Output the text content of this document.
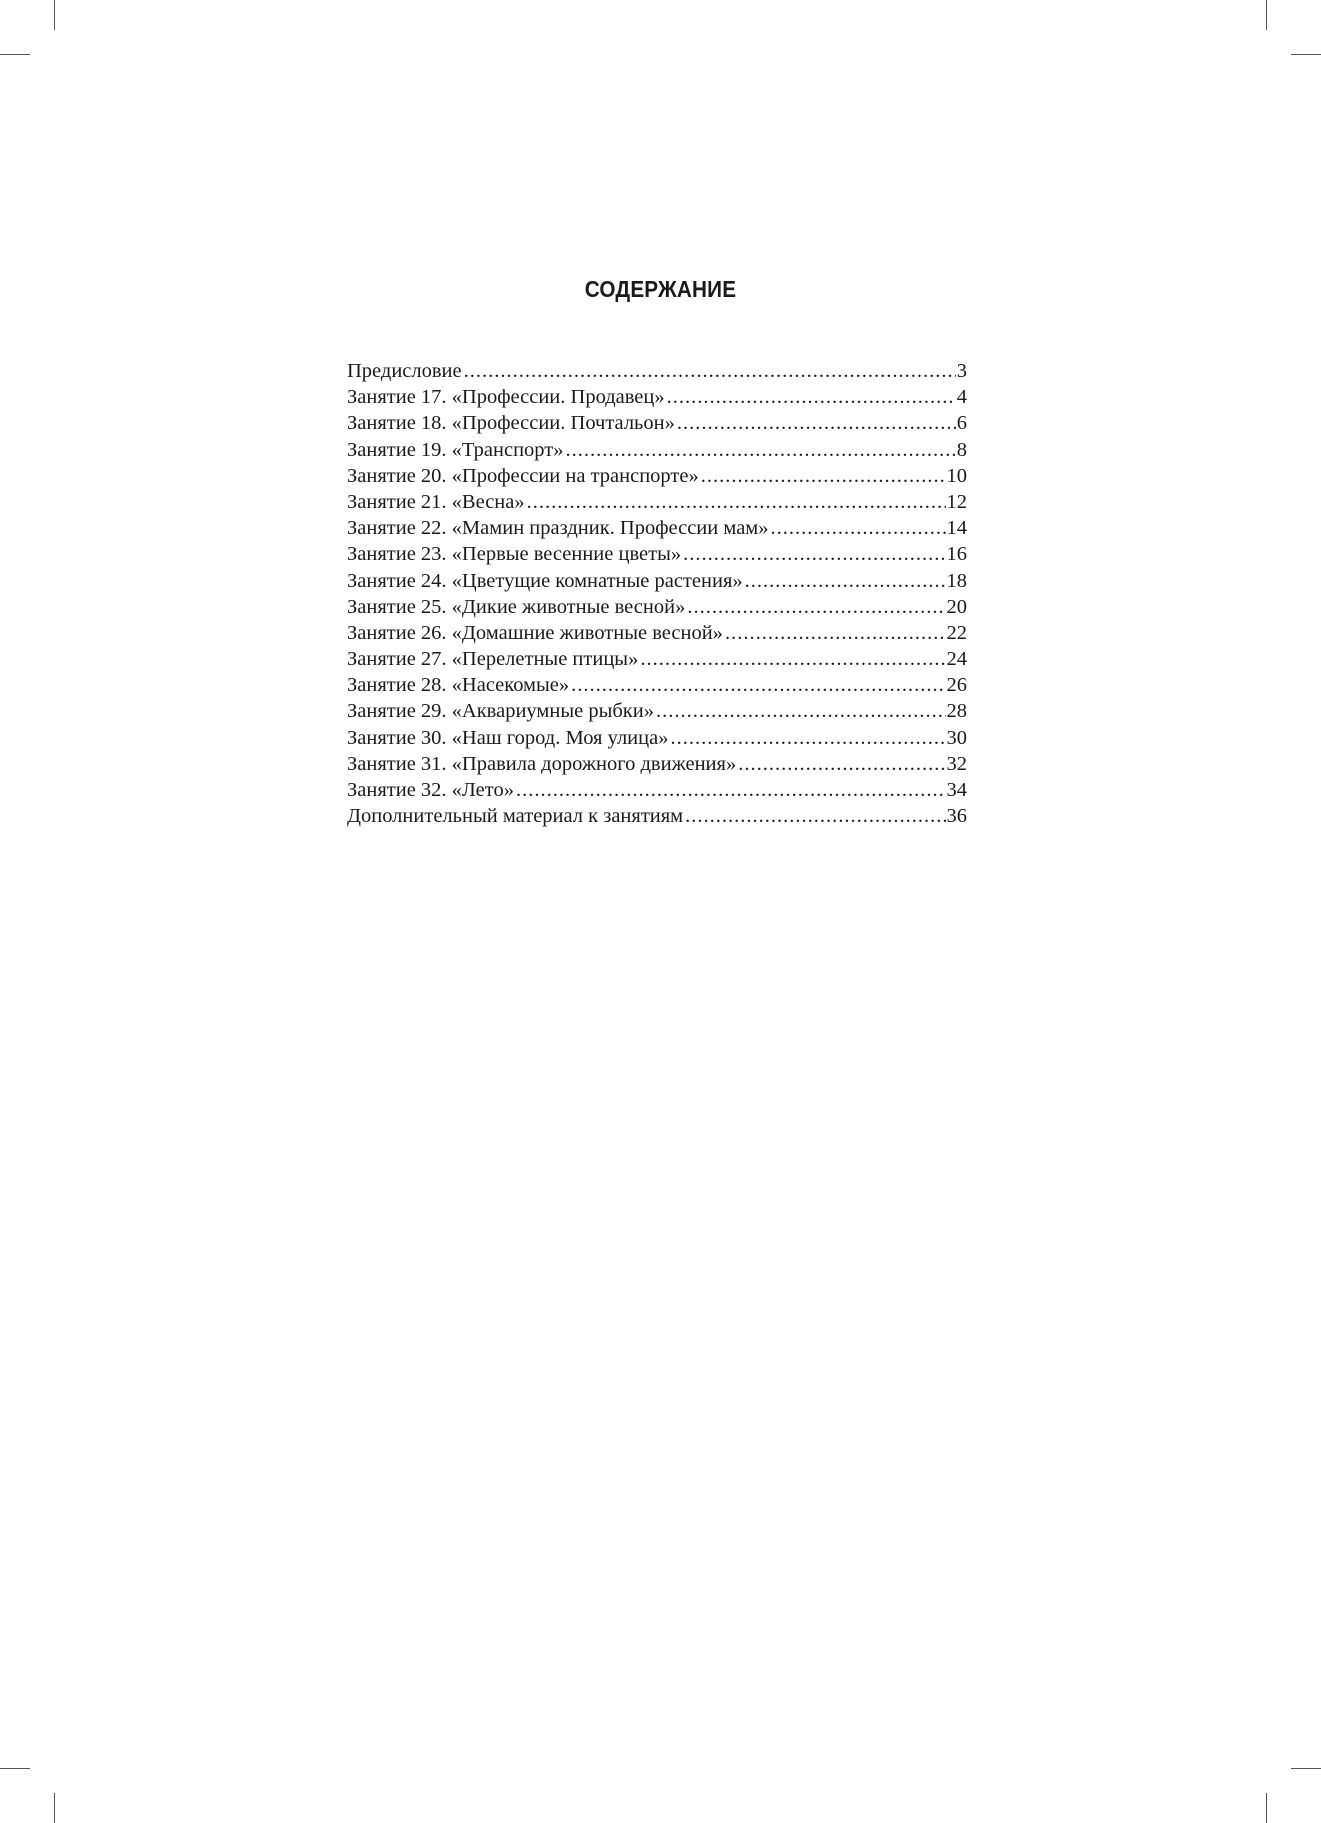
СОДЕРЖАНИЕ
Предисловие .....	3
Занятие 17. «Профессии. Продавец» .....	4
Занятие 18. «Профессии. Почтальон» .....	6
Занятие 19. «Транспорт» .....	8
Занятие 20. «Профессии на транспорте» .....	10
Занятие 21. «Весна» .....	12
Занятие 22. «Мамин праздник. Профессии мам» .....	14
Занятие 23. «Первые весенние цветы» .....	16
Занятие 24. «Цветущие комнатные растения» .....	18
Занятие 25. «Дикие животные весной» .....	20
Занятие 26. «Домашние животные весной» .....	22
Занятие 27. «Перелетные птицы» .....	24
Занятие 28. «Насекомые» .....	26
Занятие 29. «Аквариумные рыбки» .....	28
Занятие 30. «Наш город. Моя улица» .....	30
Занятие 31. «Правила дорожного движения» .....	32
Занятие 32. «Лето» .....	34
Дополнительный материал к занятиям .....	36
